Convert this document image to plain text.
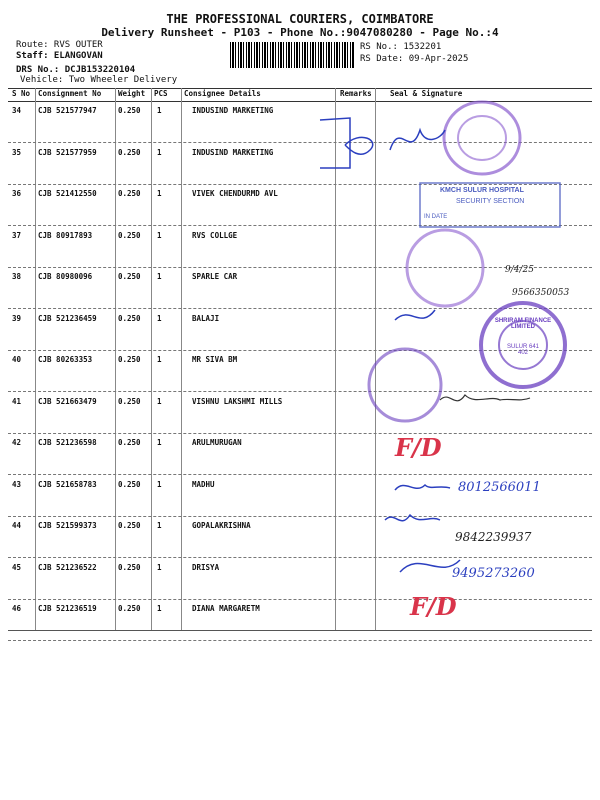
THE PROFESSIONAL COURIERS, COIMBATORE
Delivery Runsheet - P103 - Phone No.:9047080280 - Page No.:4
Route: RVS OUTER
Staff: ELANGOVAN
DRS No.: DCJB153220104
Vehicle: Two Wheeler Delivery
RS No.: 1532201
RS Date: 09-Apr-2025
S No Consignment No Weight PCS Consignee Details	Remarks Seal & Signature
34 CJB 521577947	0.250 1	INDUSIND MARKETING
35 CJB 521577959	0.250 1	INDUSIND MARKETING
36 CJB 521412550	0.250 1	VIVEK CHENDURMD AVL
37 CJB 80917893	0.250 1	RVS COLLGE
38 CJB 80980096	0.250 1	SPARLE CAR
39 CJB 521236459	0.250 1	BALAJI
40 CJB 80263353	0.250 1	MR SIVA BM
41 CJB 521663479	0.250 1	VISHNU LAKSHMI MILLS
42 CJB 521236598	0.250 1	ARULMURUGAN
43 CJB 521658783	0.250 1	MADHU
44 CJB 521599373	0.250 1	GOPALAKRISHNA
45 CJB 521236522	0.250 1	DRISYA
46 CJB 521236519	0.250 1	DIANA MARGARETM
KMCH SULUR HOSPITAL
SECURITY SECTION
IN DATE
SHRIRAM FINANCE LIMITED
SULUR 641 402
F/D
F/D
8012566011
9842239937
9495273260
9566350053
9/4/25
